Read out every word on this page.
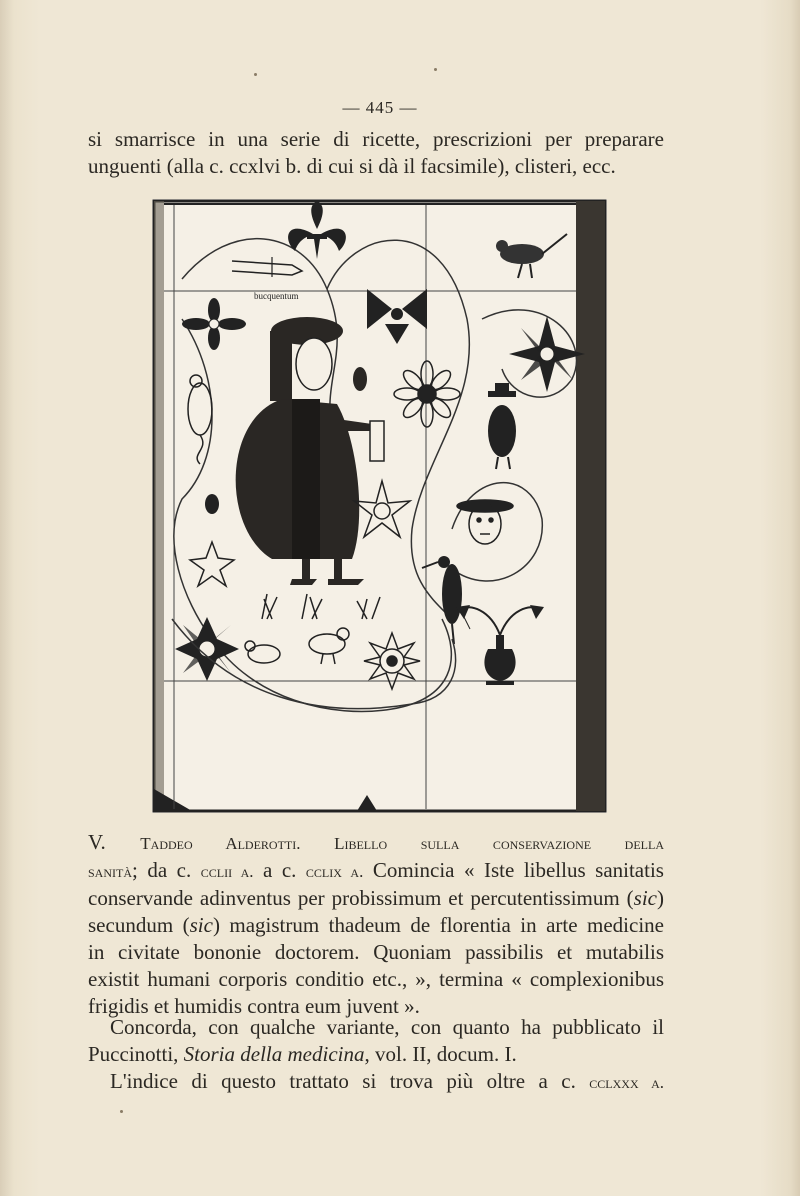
— 445 —
si smarrisce in una serie di ricette, prescrizioni per preparare
unguenti (alla c. ccxlvi b. di cui si dà il facsimile), clisteri, ecc.
bucquentum
V. Taddeo Alderotti. Libello sulla conservazione della
sanità; da c. cclii a. a c. cclix a. Comincia « Iste libellus sanitatis
conservande adinventus per probissimum et percutentissimum (sic)
secundum (sic) magistrum thadeum de florentia in arte medicine
in civitate bononie doctorem. Quoniam passibilis et mutabilis
existit humani corporis conditio etc., », termina « complexionibus
frigidis et humidis contra eum juvent ».
Concorda, con qualche variante, con quanto ha pubblicato il
Puccinotti, Storia della medicina, vol. II, docum. I.
L'indice di questo trattato si trova più oltre a c. cclxxx a.
